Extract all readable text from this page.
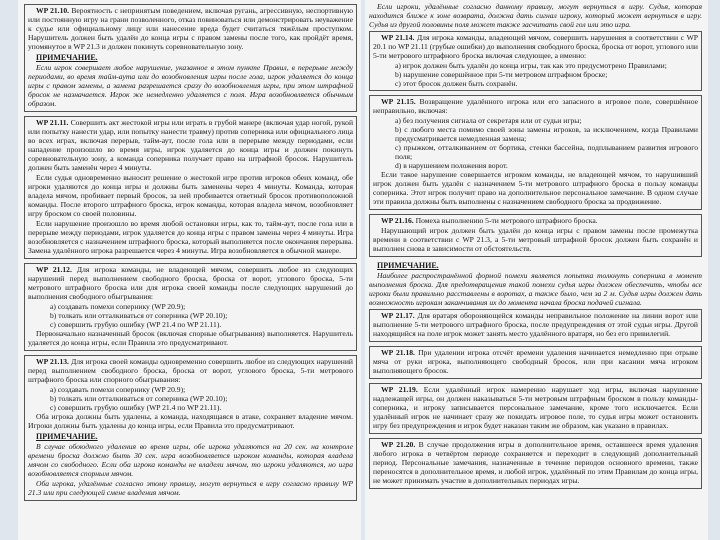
WP 21.10. Вероятность с непринятым поведением, включая ругань, агрессивную, неспортивную или постоянную игру на грани позволенного, отказ повиноваться или демонстрировать неуважение к судье или официальному лицу или нанесение вреда будет считаться тяжёлым проступком. Нарушитель должен быть удалён до конца игры с правом замены после того, как пройдёт время, упомянутое в WP 21.3 и должен покинуть соревновательную зону.

ПРИМЕЧАНИЕ.

Если игрок совершает любое нарушение, указанное в этом пункте Правил, в перерыве между периодами, во время тайм-аута или до возобновления игры после гола, игрок удаляется до конца игры с правом замены, а замена разрешается сразу до возобновления игры, при этом штрафной бросок не назначается. Игрок же немедленно удаляется с поля. Игра возобновляется обычным образом.

WP 21.11. Совершить акт жестокой игры или играть в грубой манере (включая удар ногой, рукой или попытку нанести удар, или попытку нанести травму) против соперника или официального лица во всех играх, включая перерыв, тайм-аут, после гола или в перерыве между периодами, если нападение произошло во время игры, игрок удаляется до конца игры и должен покинуть соревновательную зону, а команда соперника получает право на штрафной бросок. Нарушитель должен быть заменён через 4 минуты.

Если судья одновременно выносит решение о жестокой игре против игроков обеих команд, обе игроки удаляются до конца игры и должны быть заменены через 4 минуты. Команда, которая владела мячом, пробивает первый бросок, за ней пробивается ответный бросок противоположной команды. После второго штрафного броска, игрок команды, которая владела мячом, возобновляет игру броском со своей половины.

Если нарушение произошло во время любой остановки игры, как то, тайм-аут, после гола или в перерыве между периодами, игрок удаляется до конца игры с правом замены через 4 минуты. Игра возобновляется с назначением штрафного броска, который выполняется после окончания перерыва. Замена удалённого игрока разрешается через 4 минуты. Игра возобновляется в обычной манере.

WP 21.12. Для игрока команды, не владеющей мячом, совершить любое из следующих нарушений перед выполнением свободного броска, броска от ворот, углового броска, 5-ти метрового штрафного броска или для игрока своей команды после следующих нарушений до выполнения свободного обыгрывания:

а) создавать помехи сопернику (WP 20.9);

b) толкать или отталкиваться от соперника (WP 20.10);

с) совершить грубую ошибку (WP 21.4 по WP 21.11).

Первоначально назначенный бросок (включая спорные обыгрывания) выполняется. Нарушитель удаляется до конца игры, если Правила это предусматривают.

WP 21.13. Для игрока своей команды одновременно совершить любое из следующих нарушений перед выполнением свободного броска, броска от ворот, углового броска, 5-ти метрового штрафного броска или спорного обыгрывания:

а) создавать помехи сопернику (WP 20.9);

b) толкать или отталкиваться от соперника (WP 20.10);

с) совершить грубую ошибку (WP 21.4 по WP 21.11).

Оба игрока должны быть удалены, а команда, находящаяся в атаке, сохраняет владение мячом. Игроки должны быть удалены до конца игры, если Правила это предусматривают.

ПРИМЕЧАНИЕ.

В случае обоюдного удаления во время игры, обе игрока удаляются на 20 сек. на контроле времени броска должно быть 30 сек. игра возобновляется игроком команды, которая владела мячом со свободного. Если оба игрока команды не владели мячом, то игроки удаляются, но игра возобновляется спорным мячом.

Оба игрока, удалённые согласно этому правилу, могут вернуться в игру согласно правилу WP 21.3 или при следующей смене владения мячом.

Если игроки, удалённые согласно данному правилу, могут вернуться в игру. Судья, которая находится ближе к зоне возврата, должна дать сигнал игроку, который может вернуться в игру. Судья из другой половины поля может также засчитать свой гол или это игра.

WP 21.14. Для игрока команды, владеющей мячом, совершить нарушения в соответствии с WP 20.1 по WP 21.11 (грубые ошибки) до выполнения свободного броска, броска от ворот, углового или 5-ти метрового штрафного броска включая следующее, а именно:

а) игрок должен быть удалён до конца игры, так как это предусмотрено Правилами;

b) нарушение совершённое при 5-ти метровом штрафном броске;

с) этот бросок должен быть сохранён.

WP 21.15. Возвращение удалённого игрока или его запасного в игровое поле, совершённое неправильно, включая:

а) без получения сигнала от секретаря или от судьи игры;

b) с любого места помимо своей зоны замены игроков, за исключением, когда Правилами предусматривается немедленная замена;

с) прыжком, отталкиванием от бортика, стенки бассейна, подплыванием развития игрового поля;

d) в нарушением положения ворот.

Если такое нарушение совершается игроком команды, не владеющей мячом, то нарушивший игрок должен быть удалён с назначением 5-ти метрового штрафного броска в пользу команды соперника. Этот игрок получит право на дополнительное персональное замечание. В одном случае эти правила должны быть выполнены с назначением свободного броска за продвижение.

WP 21.16. Помеха выполнению 5-ти метрового штрафного броска.

Нарушающий игрок должен быть удалён до конца игры с правом замены после промежутка времени в соответствии с WP 21.3, а 5-ти метровый штрафной бросок должен быть сохранён и выполнен снова в зависимости от обстоятельств.

ПРИМЕЧАНИЕ.

Наиболее распространённой формой помехи является попытка толкнуть соперника в момент выполнения броска. Для предотвращения такой помехи судья игры должен обеспечить, чтобы все игроки были правильно расставлены в воротах, а также было, чем за 2 м. Судья игры должен дать возможность игрокам заканчивания их до момента начала броска подачей сигнала.

WP 21.17. Для вратаря обороняющейся команды неправильное положение на линии ворот или выполнение 5-ти метрового штрафного броска, после предупреждения от этой судьи игры. Другой находящийся на поле игрок может занять место удалённого вратаря, но без его привилегий.

WP 21.18. При удалении игрока отсчёт времени удаления начинается немедленно при отрыве мяча от руки игрока, выполняющего свободный бросок, или при касании мяча игроком выполняющего бросок.

WP 21.19. Если удалённый игрок намеренно нарушает ход игры, включая нарушение надлежащей игры, он должен наказываться 5-ти метровым штрафным броском в пользу команды-соперника, и игроку записывается персональное замечание, кроме того исключается. Если удалённый игрок не начинает сразу же покидать игровое поле, то судья игры может остановить игру без предупреждения и игрок будет наказан таким же образом, как указано в правилах.

WP 21.20. В случае продолжения игры в дополнительное время, оставшееся время удаления любого игрока в четвёртом периоде сохраняется и переходит в следующий дополнительный период. Персональные замечания, назначенные в течение периодов основного времени, также переносятся в дополнительное время, и любой игрок, удалённый по этим Правилам до конца игры, не может принимать участие в дополнительных периодах игры.
